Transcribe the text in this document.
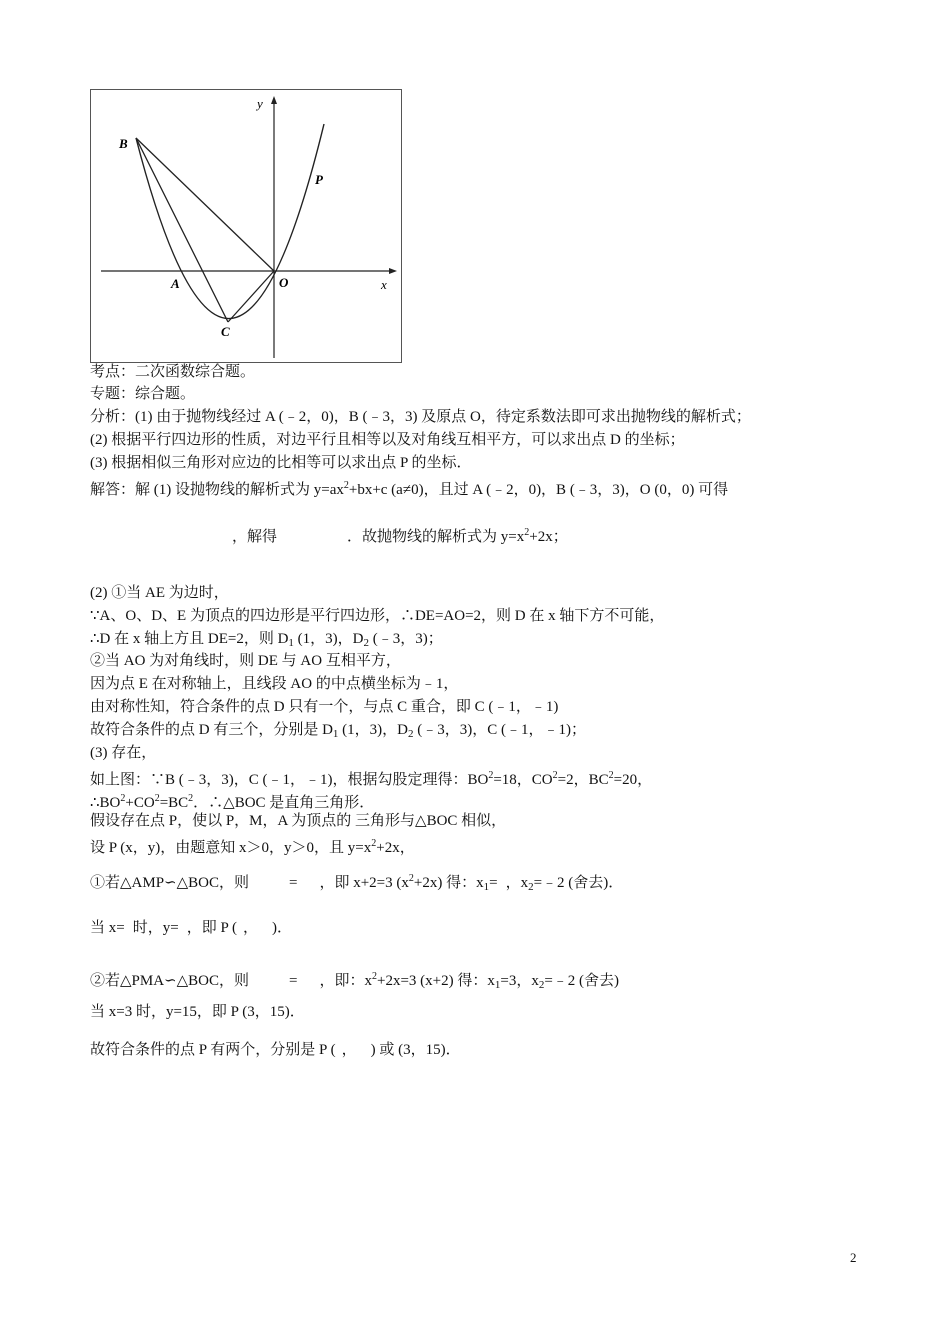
y
x
B
P
A	O
C
考点：二次函数综合题。
专题：综合题。
分析：(1) 由于抛物线经过 A (﹣2，0)，B (﹣3，3) 及原点 O，待定系数法即可求出抛物线的解析式；
(2) 根据平行四边形的性质，对边平行且相等以及对角线互相平方，可以求出点 D 的坐标；
(3) 根据相似三角形对应边的比相等可以求出点 P 的坐标．
解答：解 (1) 设抛物线的解析式为 $y=ax^2+bx+c$ (a≠0)，且过 A (﹣2，0)，B (﹣3，3)，O (0，0) 可得
，解得	．故抛物线的解析式为 $y=x^2+2x$；
(2) ①当 AE 为边时，
∵A、O、D、E 为顶点的四边形是平行四边形，∴DE=AO=2，则 D 在 x 轴下方不可能，
∴D 在 x 轴上方且 DE=2，则 $D_1$ (1，3)，$D_2$ (﹣3，3)；
②当 AO 为对角线时，则 DE 与 AO 互相平方，
因为点 E 在对称轴上，且线段 AO 的中点横坐标为﹣1，
由对称性知，符合条件的点 D 只有一个，与点 C 重合，即 C (﹣1，﹣1)
故符合条件的点 D 有三个，分别是 $D_1$ (1，3)，$D_2$ (﹣3，3)，C (﹣1，﹣1)；
(3) 存在，
如上图：∵B (﹣3，3)，C (﹣1，﹣1)，根据勾股定理得：$BO^2=18$，$CO^2=2$，$BC^2=20$，
$\therefore BO^2+CO^2=BC^2$．∴△BOC 是直角三角形．
假设存在点 P，使以 P，M，A 为顶点的 三角形与△BOC 相似，
设 P (x，y)，由题意知 x＞0，y＞0，且 $y=x^2+2x$，
①若△AMP∽△BOC，则	= ，即 x+2=3 $(x^2+2x)$ 得：$x_1=$ ，$x_2=﹣2$ (舍去)．
当 x= 时，y= ，即 P ( ， )．
②若△PMA∽△BOC，则	= ，即：$x^2+2x=3$ (x+2) 得：$x_1=3$，$x_2=﹣2$ (舍去)
当 x=3 时，y=15，即 P (3，15)．
故符合条件的点 P 有两个，分别是 P ( ， ) 或 (3，15)．
2
